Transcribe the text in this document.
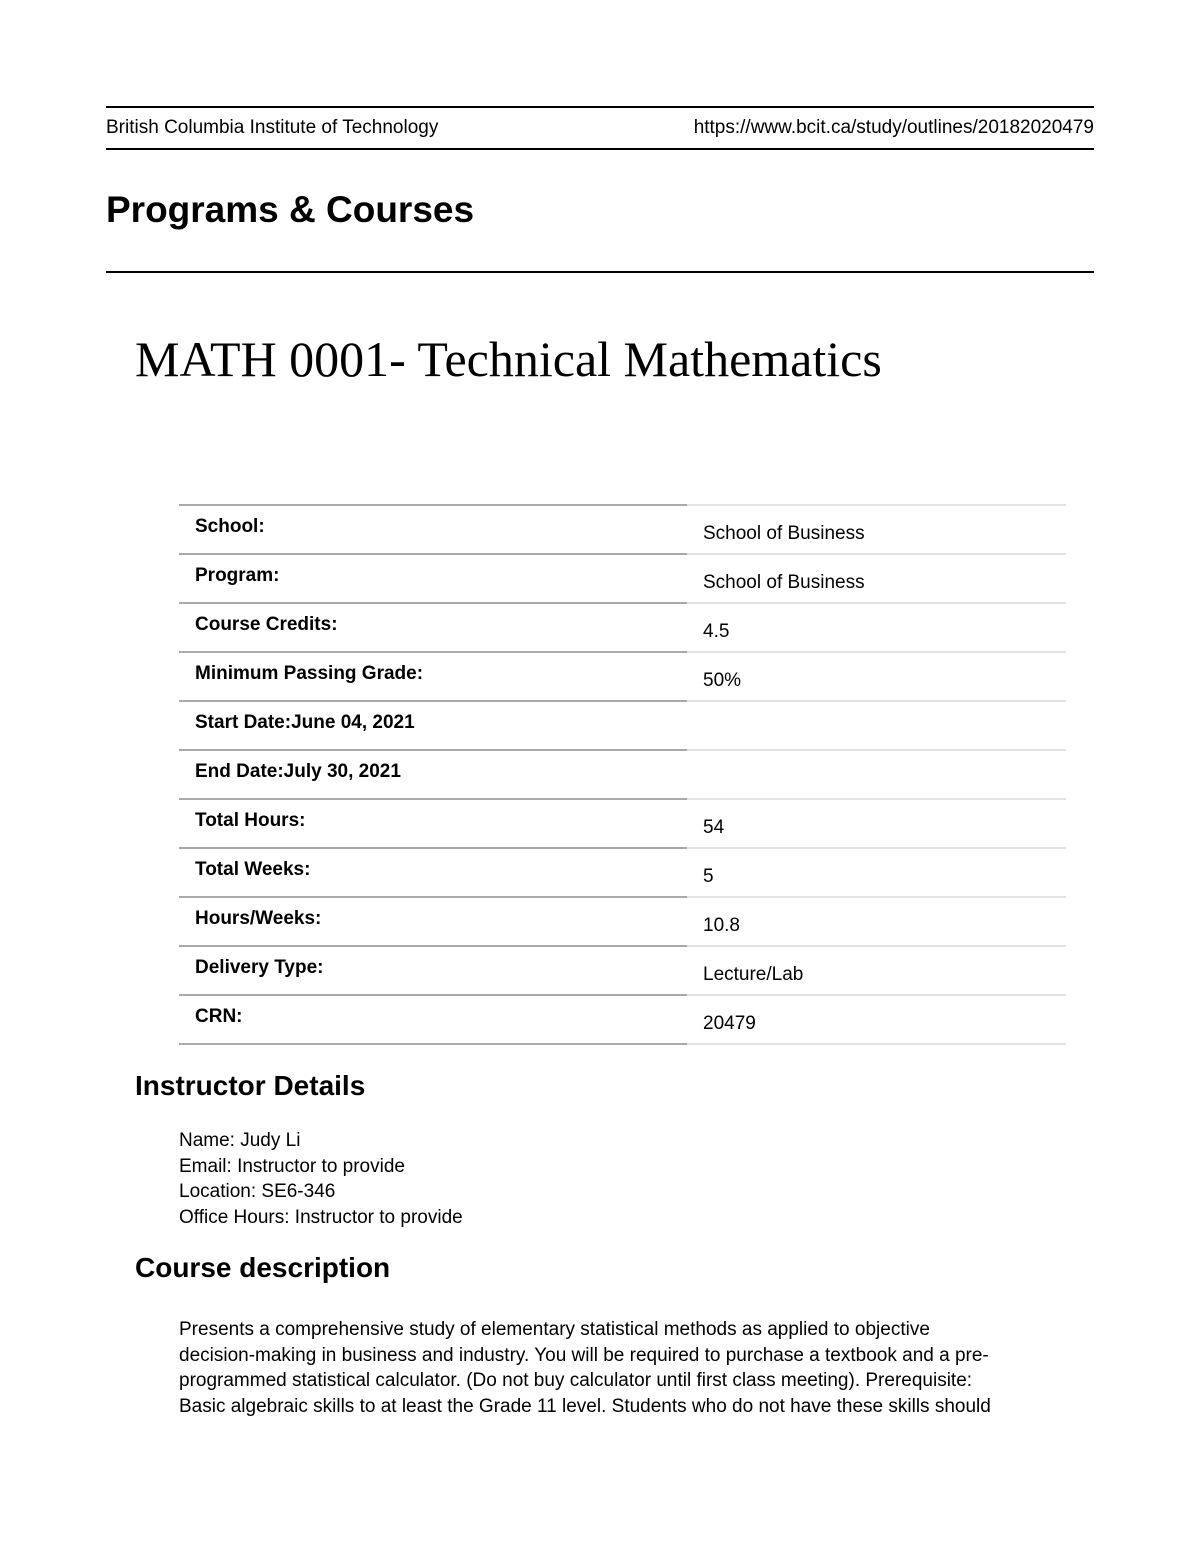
British Columbia Institute of Technology	https://www.bcit.ca/study/outlines/20182020479
Programs & Courses
MATH 0001- Technical Mathematics
School:	School of Business
Program:	School of Business
Course Credits:	4.5
Minimum Passing Grade:	50%
Start Date:June 04, 2021	
End Date:July 30, 2021	
Total Hours:	54
Total Weeks:	5
Hours/Weeks:	10.8
Delivery Type:	Lecture/Lab
CRN:	20479
Instructor Details
Name: Judy Li
Email: Instructor to provide
Location: SE6-346
Office Hours: Instructor to provide
Course description

Presents a comprehensive study of elementary statistical methods as applied to objective
decision-making in business and industry. You will be required to purchase a textbook and a pre-
programmed statistical calculator. (Do not buy calculator until first class meeting). Prerequisite:
Basic algebraic skills to at least the Grade 11 level. Students who do not have these skills should
